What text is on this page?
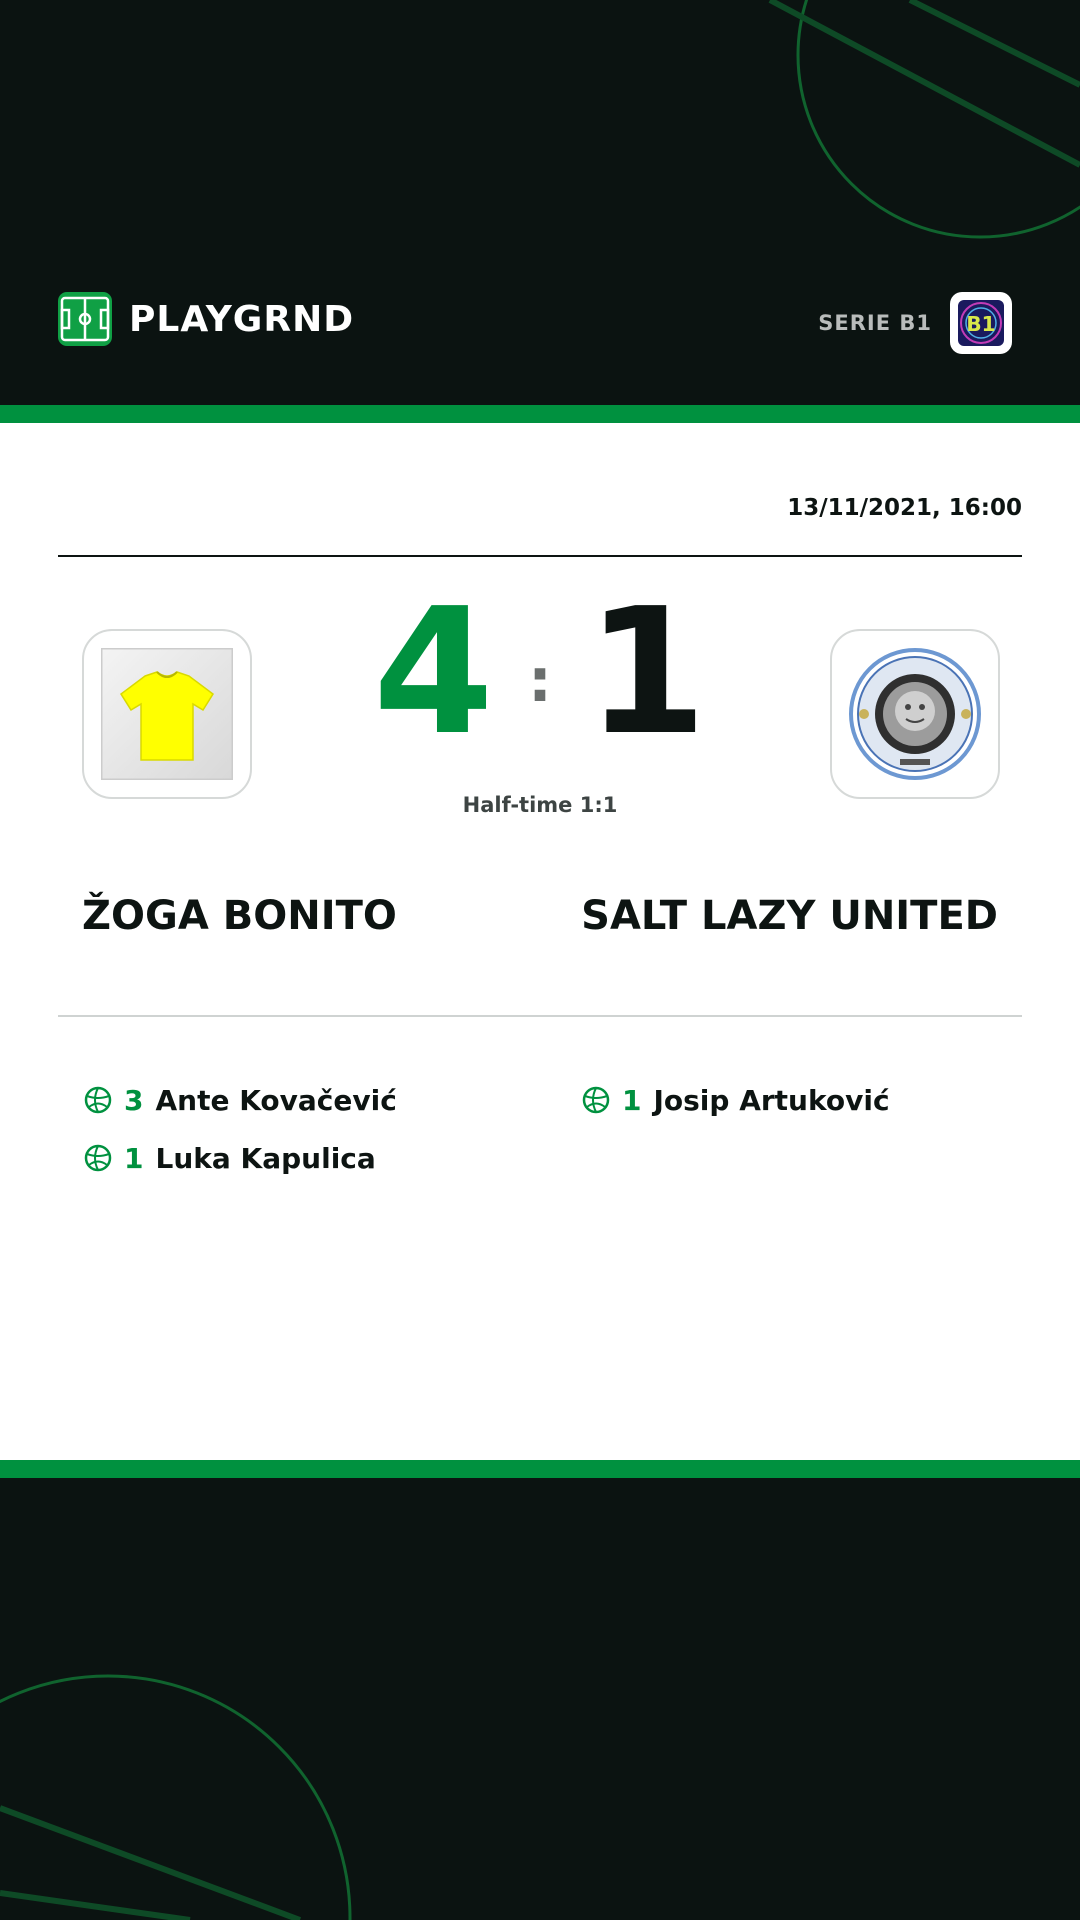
PLAYGRND	SERIE B1 B1
13/11/2021, 16:00
4 : 1
Half-time 1:1
ŽOGA BONITO	SALT LAZY UNITED
3 Ante Kovačević
1 Luka Kapulica
1 Josip Artuković
